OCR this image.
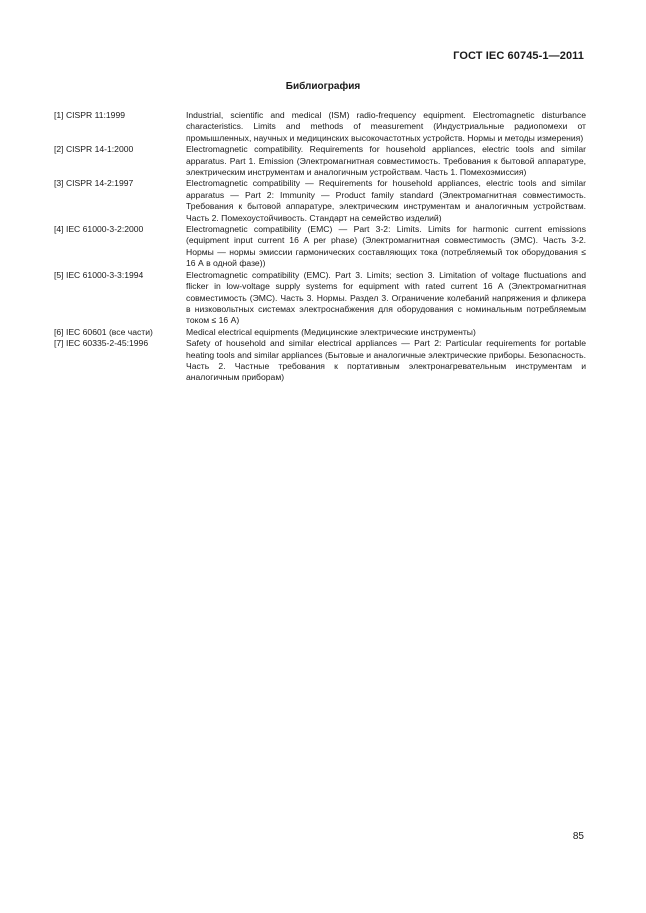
ГОСТ IEC 60745-1—2011
Библиография
[1] CISPR 11:1999	Industrial, scientific and medical (ISM) radio-frequency equipment. Electromagnetic disturbance characteristics. Limits and methods of measurement (Индустриальные радиопомехи от промышленных, научных и медицинских высокочастотных устройств. Нормы и методы измерения)
[2] CISPR 14-1:2000	Electromagnetic compatibility. Requirements for household appliances, electric tools and similar apparatus. Part 1. Emission (Электромагнитная совместимость. Требования к бытовой аппаратуре, электрическим инструментам и аналогичным устройствам. Часть 1. Помехоэмиссия)
[3] CISPR 14-2:1997	Electromagnetic compatibility — Requirements for household appliances, electric tools and similar apparatus — Part 2: Immunity — Product family standard (Электромагнитная совместимость. Требования к бытовой аппаратуре, электрическим инструментам и аналогичным устройствам. Часть 2. Помехоустойчивость. Стандарт на семейство изделий)
[4] IEC 61000-3-2:2000	Electromagnetic compatibility (EMC) — Part 3-2: Limits. Limits for harmonic current emissions (equipment input current 16 A per phase) (Электромагнитная совместимость (ЭМС). Часть 3-2. Нормы — нормы эмиссии гармонических составляющих тока (потребляемый ток оборудования ≤ 16 А в одной фазе))
[5] IEC 61000-3-3:1994	Electromagnetic compatibility (EMC). Part 3. Limits; section 3. Limitation of voltage fluctuations and flicker in low-voltage supply systems for equipment with rated current 16 A (Электромагнитная совместимость (ЭМС). Часть 3. Нормы. Раздел 3. Ограничение колебаний напряжения и фликера в низковольтных системах электроснабжения для оборудования с номинальным потребляемым током ≤ 16 А)
[6] IEC 60601 (все части)	Medical electrical equipments (Медицинские электрические инструменты)
[7] IEC 60335-2-45:1996	Safety of household and similar electrical appliances — Part 2: Particular requirements for portable heating tools and similar appliances (Бытовые и аналогичные электрические приборы. Безопасность. Часть 2. Частные требования к портативным электронагревательным инструментам и аналогичным приборам)
85
